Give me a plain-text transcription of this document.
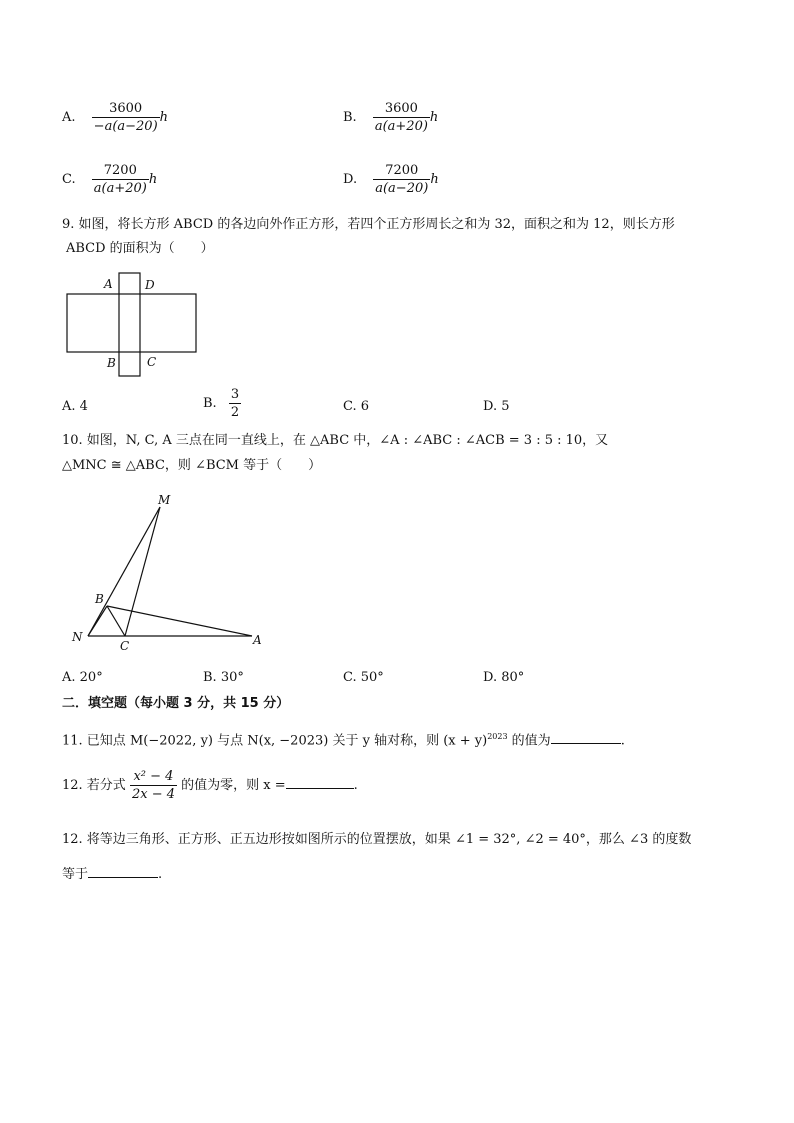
A. $\frac{3600}{-a(a-20)}$ h	B. $\frac{3600}{a(a+20)}$ h
C. $\frac{7200}{a(a+20)}$ h	D. $\frac{7200}{a(a-20)}$ h
9. 如图，将长方形 ABCD 的各边向外作正方形，若四个正方形周长之和为 32，面积之和为 12，则长方形
ABCD 的面积为（　　）
A	D
B	C
A. 4	B. $\frac{3}{2}$	C. 6	D. 5
10. 如图，N, C, A 三点在同一直线上，在 △ABC 中，∠A : ∠ABC : ∠ACB = 3 : 5 : 10，又
△MNC ≅ △ABC，则 ∠BCM 等于（　　）
M
B
N
C	A
A. 20°	B. 30°	C. 50°	D. 80°
二．填空题（每小题 3 分，共 15 分）
11. 已知点 M(−2022, y) 与点 N(x, −2023) 关于 y 轴对称，则 $(x + y)^{2023}$ 的值为	.
12. 若分式 $\frac{\text{x² − 4}}{2x - 4}$ 的值为零，则 x =	.
12. 将等边三角形、正方形、正五边形按如图所示的位置摆放，如果 ∠1 = 32°, ∠2 = 40°，那么 ∠3 的度数
等于	.
